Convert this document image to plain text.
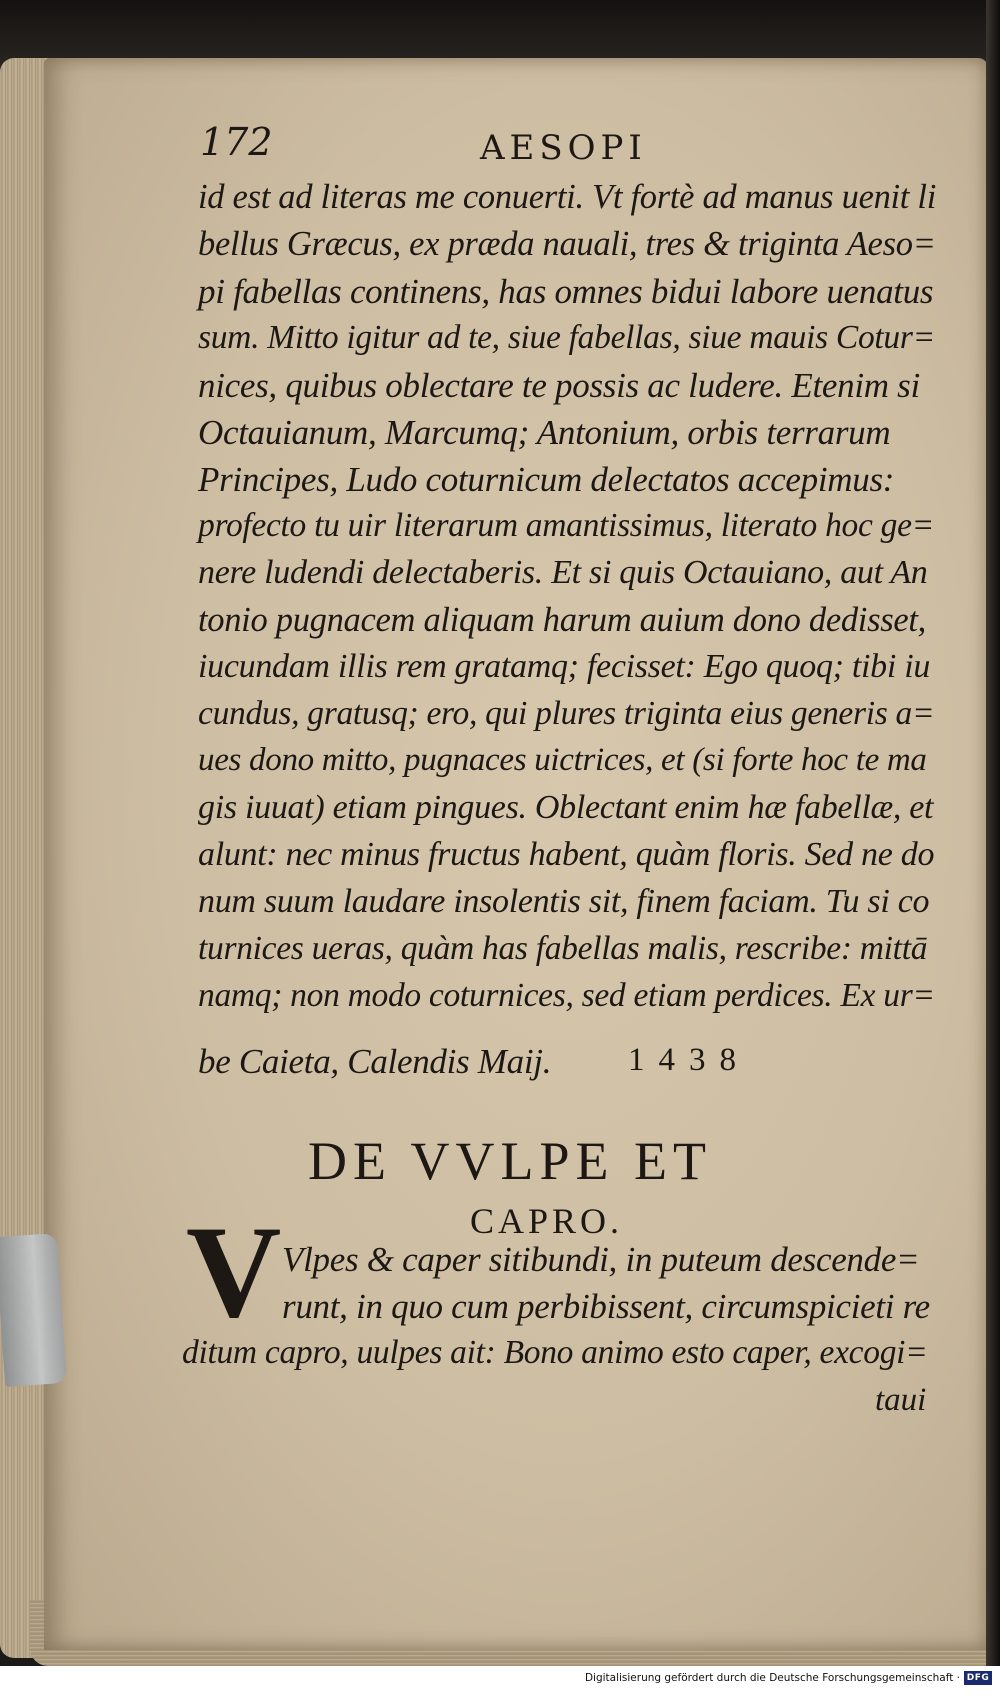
172	AESOPI
id est ad literas me conuerti. Vt fortè ad manus uenit li
bellus Græcus, ex præda nauali, tres & triginta Aeso=
pi fabellas continens, has omnes bidui labore uenatus
sum. Mitto igitur ad te, siue fabellas, siue mauis Cotur=
nices, quibus oblectare te possis ac ludere. Etenim si
Octauianum, Marcumq; Antonium, orbis terrarum
Principes, Ludo coturnicum delectatos accepimus:
profecto tu uir literarum amantissimus, literato hoc ge=
nere ludendi delectaberis. Et si quis Octauiano, aut An
tonio pugnacem aliquam harum auium dono dedisset,
iucundam illis rem gratamq; fecisset: Ego quoq; tibi iu
cundus, gratusq; ero, qui plures triginta eius generis a=
ues dono mitto, pugnaces uictrices, et (si forte hoc te ma
gis iuuat) etiam pingues. Oblectant enim hæ fabellæ, et
alunt: nec minus fructus habent, quàm floris. Sed ne do
num suum laudare insolentis sit, finem faciam. Tu si co
turnices ueras, quàm has fabellas malis, rescribe: mittā
namq; non modo coturnices, sed etiam perdices. Ex ur=
be Caieta, Calendis Maij. 1438
DE VVLPE ET
CAPRO.
V Vlpes & caper sitibundi, in puteum descende=
runt, in quo cum perbibissent, circumspicieti re
ditum capro, uulpes ait: Bono animo esto caper, excogi=
taui
Digitalisierung gefördert durch die Deutsche Forschungsgemeinschaft · DFG
